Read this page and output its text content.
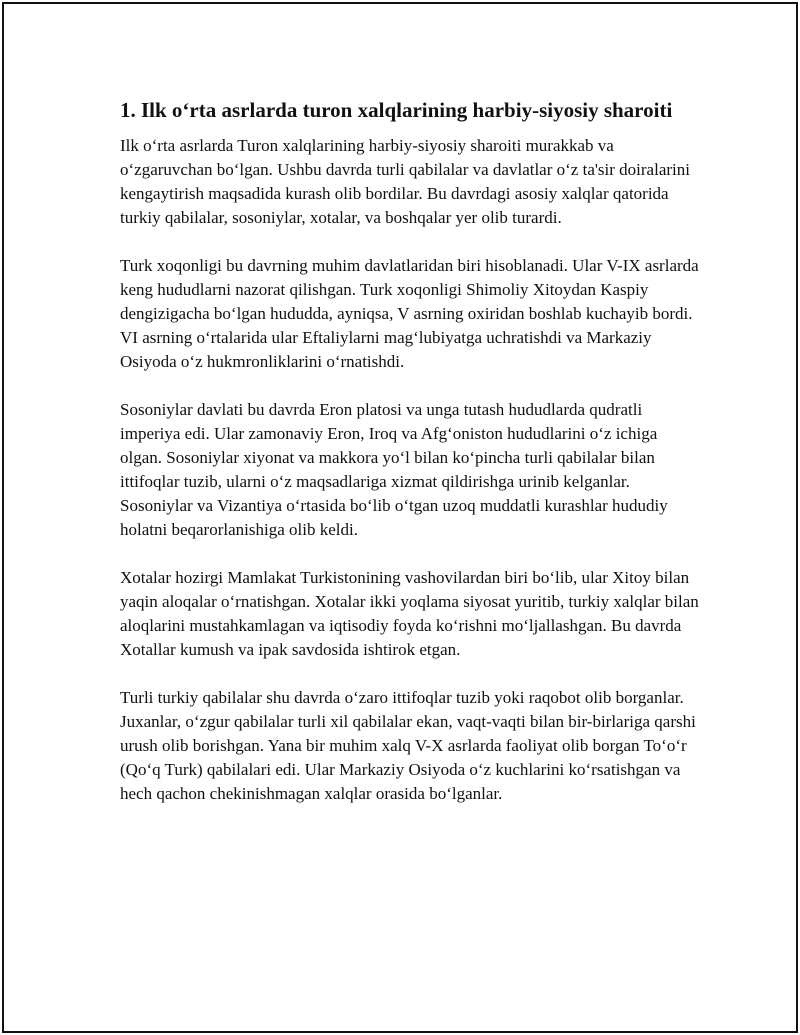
1. Ilk o‘rta asrlarda turon xalqlarining harbiy-siyosiy sharoiti

Ilk o‘rta asrlarda Turon xalqlarining harbiy-siyosiy sharoiti murakkab va o‘zgaruvchan bo‘lgan. Ushbu davrda turli qabilalar va davlatlar o‘z ta'sir doiralarini kengaytirish maqsadida kurash olib bordilar. Bu davrdagi asosiy xalqlar qatorida turkiy qabilalar, sosoniylar, xotalar, va boshqalar yer olib turardi.

Turk xoqonligi bu davrning muhim davlatlaridan biri hisoblanadi. Ular V-IX asrlarda keng hududlarni nazorat qilishgan. Turk xoqonligi Shimoliy Xitoydan Kaspiy dengizigacha bo‘lgan hududda, ayniqsa, V asrning oxiridan boshlab kuchayib bordi. VI asrning o‘rtalarida ular Eftaliylarni mag‘lubiyatga uchratishdi va Markaziy Osiyoda o‘z hukmronliklarini o‘rnatishdi.

Sosoniylar davlati bu davrda Eron platosi va unga tutash hududlarda qudratli imperiya edi. Ular zamonaviy Eron, Iroq va Afg‘oniston hududlarini o‘z ichiga olgan. Sosoniylar xiyonat va makkora yo‘l bilan ko‘pincha turli qabilalar bilan ittifoqlar tuzib, ularni o‘z maqsadlariga xizmat qildirishga urinib kelganlar. Sosoniylar va Vizantiya o‘rtasida bo‘lib o‘tgan uzoq muddatli kurashlar hududiy holatni beqarorlanishiga olib keldi.

Xotalar hozirgi Mamlakat Turkistonining vashovilardan biri bo‘lib, ular Xitoy bilan yaqin aloqalar o‘rnatishgan. Xotalar ikki yoqlama siyosat yuritib, turkiy xalqlar bilan aloqlarini mustahkamlagan va iqtisodiy foyda ko‘rishni mo‘ljallashgan. Bu davrda Xotallar kumush va ipak savdosida ishtirok etgan.

Turli turkiy qabilalar shu davrda o‘zaro ittifoqlar tuzib yoki raqobot olib borganlar. Juxanlar, o‘zgur qabilalar turli xil qabilalar ekan, vaqt-vaqti bilan bir-birlariga qarshi urush olib borishgan. Yana bir muhim xalq V-X asrlarda faoliyat olib borgan To‘o‘r (Qo‘q Turk) qabilalari edi. Ular Markaziy Osiyoda o‘z kuchlarini ko‘rsatishgan va hech qachon chekinishmagan xalqlar orasida bo‘lganlar.
